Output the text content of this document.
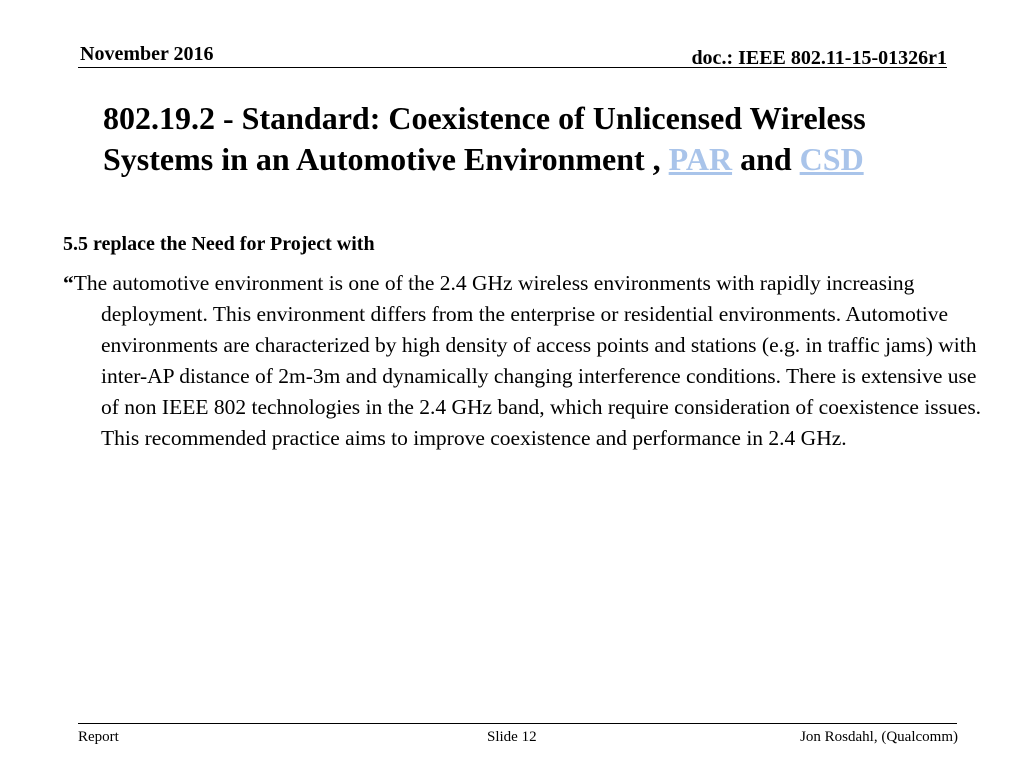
November 2016	doc.: IEEE 802.11-15-01326r1
802.19.2 - Standard: Coexistence of Unlicensed Wireless Systems in an Automotive Environment , PAR and CSD
5.5 replace the Need for Project with
“The automotive environment is one of the 2.4 GHz wireless environments with rapidly increasing deployment. This environment differs from the enterprise or residential environments. Automotive environments are characterized by high density of access points and stations (e.g. in traffic jams) with inter-AP distance of 2m-3m and dynamically changing interference conditions. There is extensive use of non IEEE 802 technologies in the 2.4 GHz band, which require consideration of coexistence issues. This recommended practice aims to improve coexistence and performance in 2.4 GHz.
Report	Slide 12	Jon Rosdahl, (Qualcomm)
